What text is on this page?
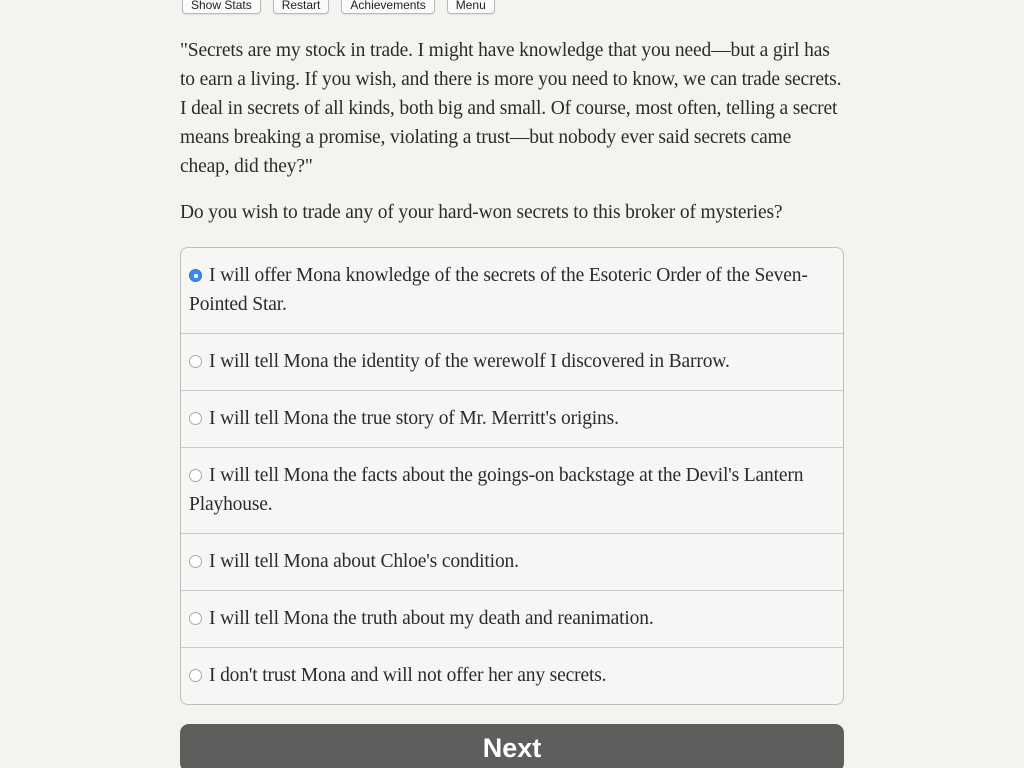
Show Stats	Restart	Achievements	Menu

"Secrets are my stock in trade. I might have knowledge that you need—but a girl has to earn a living. If you wish, and there is more you need to know, we can trade secrets. I deal in secrets of all kinds, both big and small. Of course, most often, telling a secret means breaking a promise, violating a trust—but nobody ever said secrets came cheap, did they?"

Do you wish to trade any of your hard-won secrets to this broker of mysteries?

I will offer Mona knowledge of the secrets of the Esoteric Order of the Seven-Pointed Star.
I will tell Mona the identity of the werewolf I discovered in Barrow.
I will tell Mona the true story of Mr. Merritt's origins.
I will tell Mona the facts about the goings-on backstage at the Devil's Lantern Playhouse.
I will tell Mona about Chloe's condition.
I will tell Mona the truth about my death and reanimation.
I don't trust Mona and will not offer her any secrets.
Next
